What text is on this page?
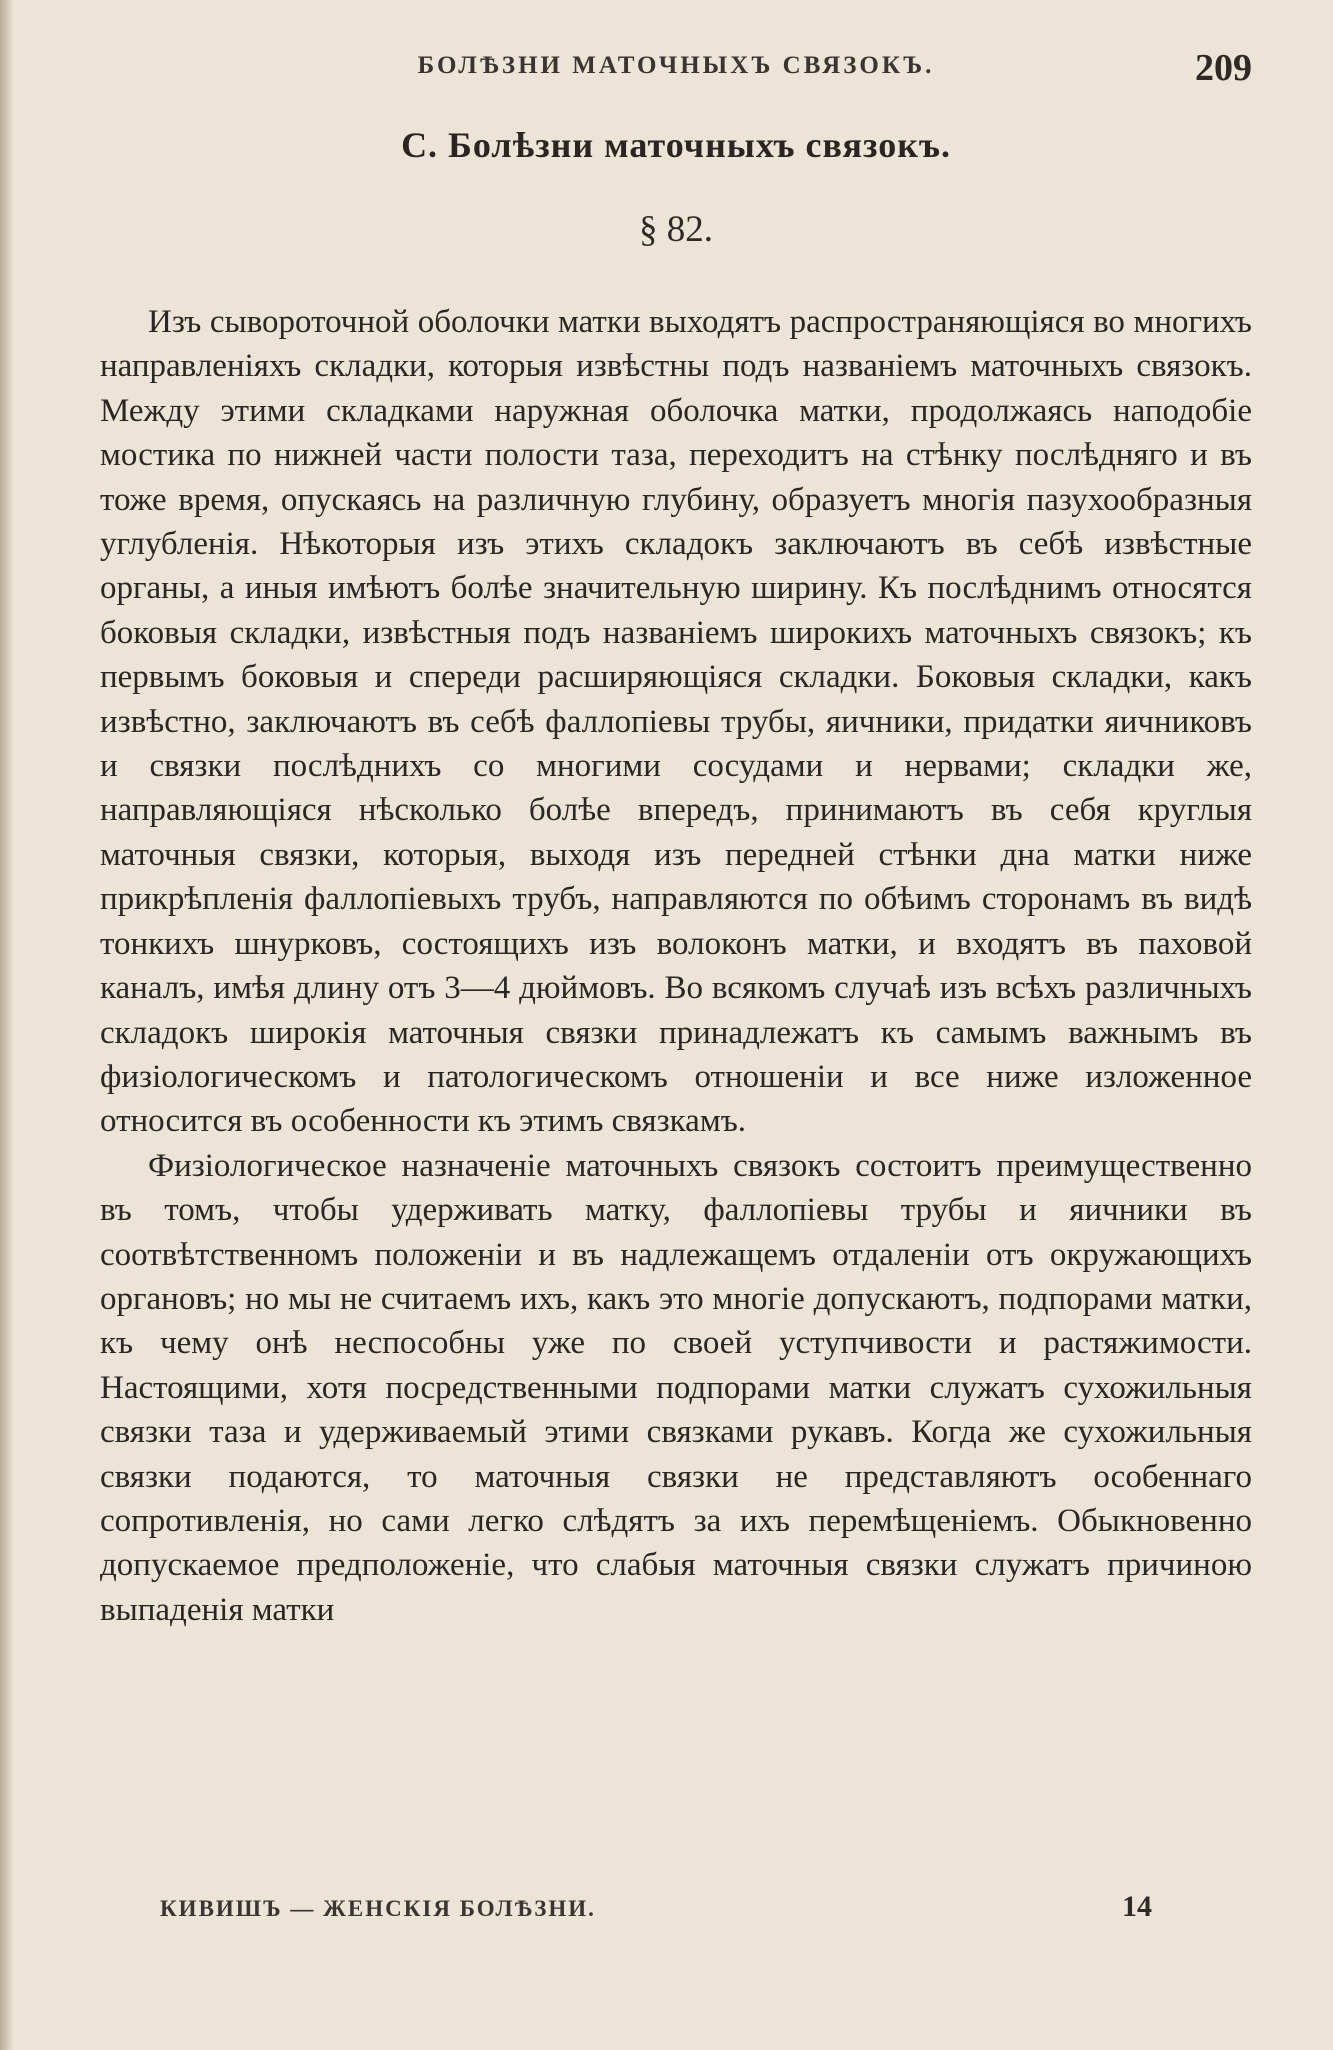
БОЛѢЗНИ МАТОЧНЫХЪ СВЯЗОКЪ.	209
С. Болѣзни маточныхъ связокъ.
§ 82.

Изъ сывороточной оболочки матки выходятъ распространяющіяся во многихъ направленіяхъ складки, которыя извѣстны подъ названіемъ маточныхъ связокъ. Между этими складками наружная оболочка матки, продолжаясь наподобіе мостика по нижней части полости таза, переходитъ на стѣнку послѣдняго и въ тоже время, опускаясь на различную глубину, образуетъ многія пазухообразныя углубленія. Нѣкоторыя изъ этихъ складокъ заключаютъ въ себѣ извѣстные органы, а иныя имѣютъ болѣе значительную ширину. Къ послѣднимъ относятся боковыя складки, извѣстныя подъ названіемъ широкихъ маточныхъ связокъ; къ первымъ боковыя и спереди расширяющіяся складки. Боковыя складки, какъ извѣстно, заключаютъ въ себѣ фаллопіевы трубы, яичники, придатки яичниковъ и связки послѣднихъ со многими сосудами и нервами; складки же, направляющіяся нѣсколько болѣе впередъ, принимаютъ въ себя круглыя маточныя связки, которыя, выходя изъ передней стѣнки дна матки ниже прикрѣпленія фаллопіевыхъ трубъ, направляются по обѣимъ сторонамъ въ видѣ тонкихъ шнурковъ, состоящихъ изъ волоконъ матки, и входятъ въ паховой каналъ, имѣя длину отъ 3—4 дюймовъ. Во всякомъ случаѣ изъ всѣхъ различныхъ складокъ широкія маточныя связки принадлежатъ къ самымъ важнымъ въ физіологическомъ и патологическомъ отношеніи и все ниже изложенное относится въ особенности къ этимъ связкамъ.

Физіологическое назначеніе маточныхъ связокъ состоитъ преимущественно въ томъ, чтобы удерживать матку, фаллопіевы трубы и яичники въ соотвѣтственномъ положеніи и въ надлежащемъ отдаленіи отъ окружающихъ органовъ; но мы не считаемъ ихъ, какъ это многіе допускаютъ, подпорами матки, къ чему онѣ неспособны уже по своей уступчивости и растяжимости. Настоящими, хотя посредственными подпорами матки служатъ сухожильныя связки таза и удерживаемый этими связками рукавъ. Когда же сухожильныя связки подаются, то маточныя связки не представляютъ особеннаго сопротивленія, но сами легко слѣдятъ за ихъ перемѣщеніемъ. Обыкновенно допускаемое предположеніе, что слабыя маточныя связки служатъ причиною выпаденія матки

КИВИШЪ — ЖЕНСКІЯ БОЛѢЗНИ.	14
